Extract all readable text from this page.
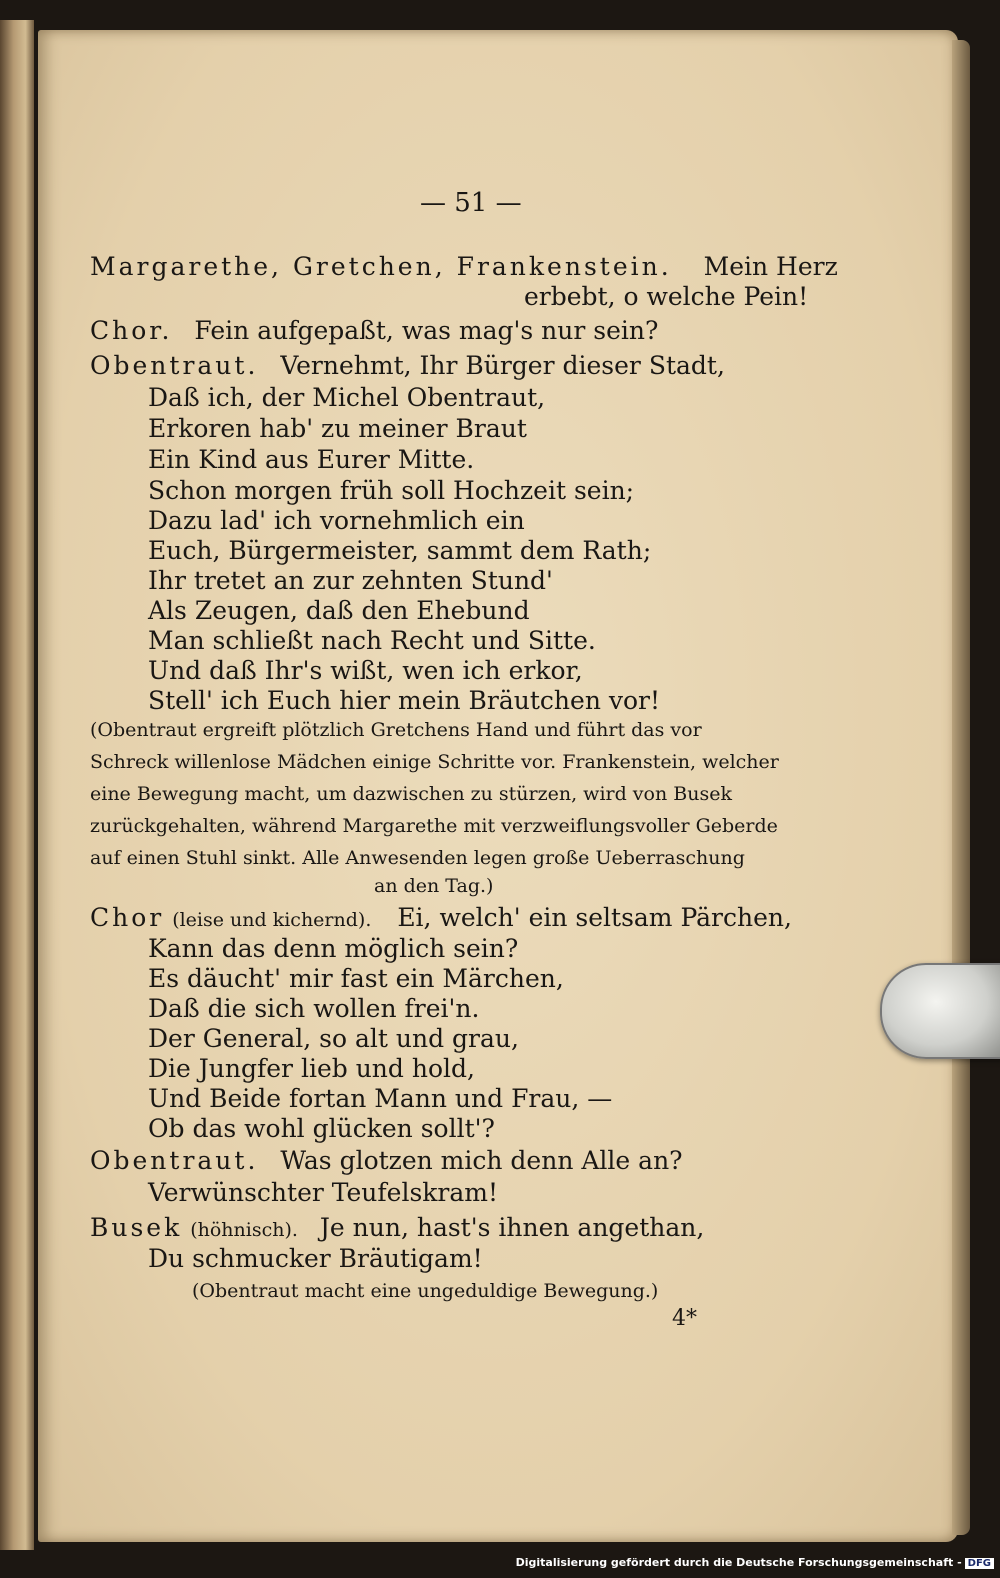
— 51 —
Margarethe, Gretchen, Frankenstein. Mein Herz
erbebt, o welche Pein!
Chor. Fein aufgepaßt, was mag's nur sein?
Obentraut. Vernehmt, Ihr Bürger dieser Stadt,
Daß ich, der Michel Obentraut,
Erkoren hab' zu meiner Braut
Ein Kind aus Eurer Mitte.
Schon morgen früh soll Hochzeit sein;
Dazu lad' ich vornehmlich ein
Euch, Bürgermeister, sammt dem Rath;
Ihr tretet an zur zehnten Stund'
Als Zeugen, daß den Ehebund
Man schließt nach Recht und Sitte.
Und daß Ihr's wißt, wen ich erkor,
Stell' ich Euch hier mein Bräutchen vor!
(Obentraut ergreift plötzlich Gretchens Hand und führt das vor
Schreck willenlose Mädchen einige Schritte vor. Frankenstein, welcher
eine Bewegung macht, um dazwischen zu stürzen, wird von Busek
zurückgehalten, während Margarethe mit verzweiflungsvoller Geberde
auf einen Stuhl sinkt. Alle Anwesenden legen große Ueberraschung
an den Tag.)
Chor (leise und kichernd). Ei, welch' ein seltsam Pärchen,
Kann das denn möglich sein?
Es däucht' mir fast ein Märchen,
Daß die sich wollen frei'n.
Der General, so alt und grau,
Die Jungfer lieb und hold,
Und Beide fortan Mann und Frau, —
Ob das wohl glücken sollt'?
Obentraut. Was glotzen mich denn Alle an?
Verwünschter Teufelskram!
Busek (höhnisch). Je nun, hast's ihnen angethan,
Du schmucker Bräutigam!
(Obentraut macht eine ungeduldige Bewegung.)
4*
Digitalisierung gefördert durch die Deutsche Forschungsgemeinschaft - DFG
